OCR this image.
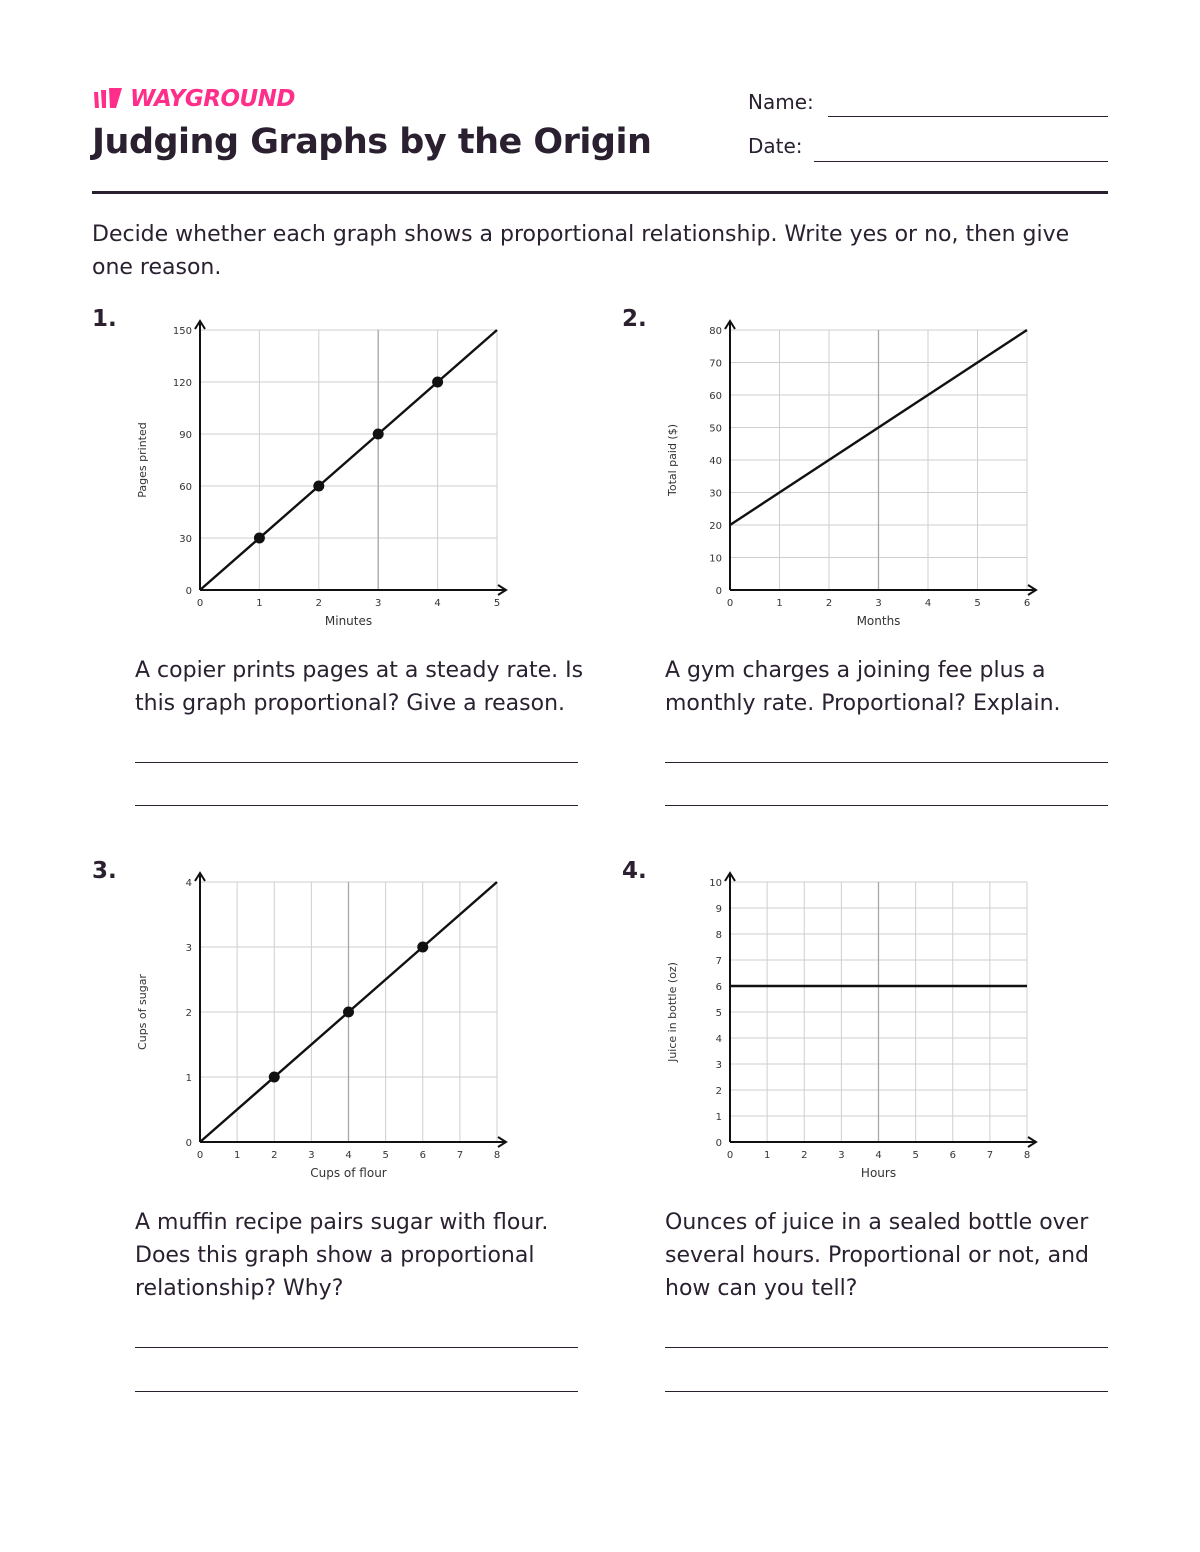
WAYGROUND
Judging Graphs by the Origin
Name:
Date:

Decide whether each graph shows a proportional relationship. Write yes or no, then give one reason.

1.
0	1	2	3	4	5
0
30
60
90
120
150
Minutes
Pages printed

A copier prints pages at a steady rate. Is this graph proportional? Give a reason.

2.
0	1	2	3	4	5	6
0
10
20
30
40
50
60
70
80
Months
Total paid ($)

A gym charges a joining fee plus a monthly rate. Proportional? Explain.

3.
0	1	2	3	4	5	6	7	8
0
1
2
3
4
Cups of flour
Cups of sugar

A muffin recipe pairs sugar with flour. Does this graph show a proportional relationship? Why?

4.
0	1	2	3	4	5	6	7	8
0
1
2
3
4
5
6
7
8
9
10
Hours
Juice in bottle (oz)

Ounces of juice in a sealed bottle over several hours. Proportional or not, and how can you tell?
